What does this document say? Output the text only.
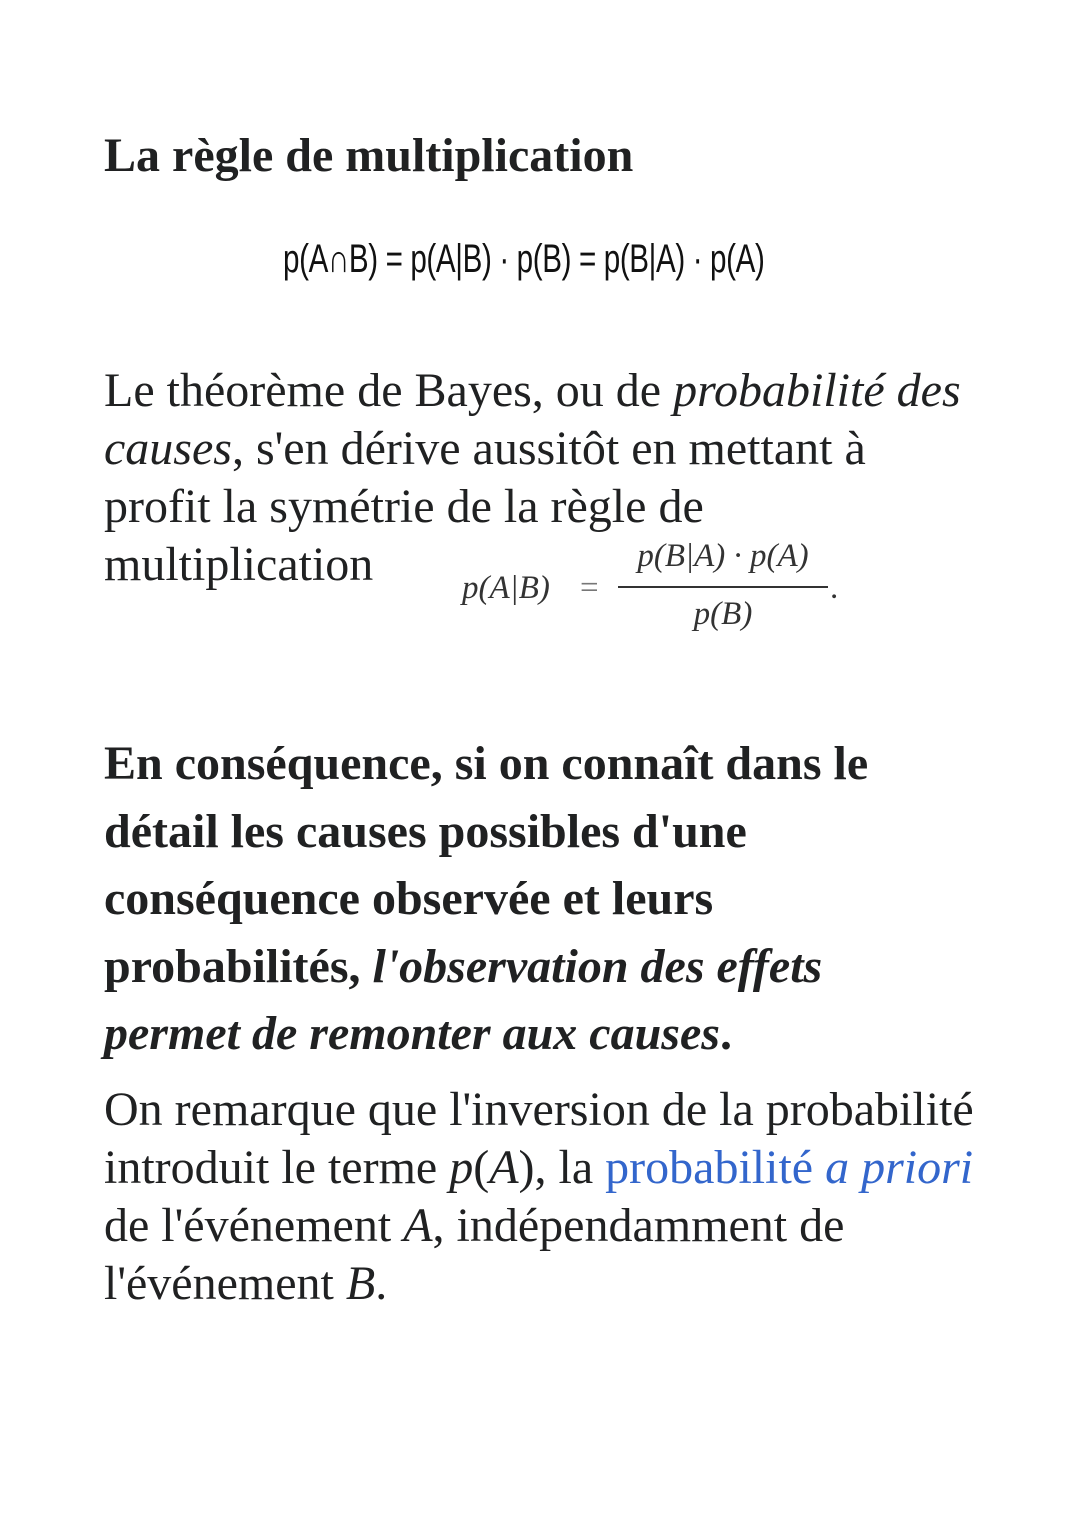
La règle de multiplication
p(A∩B) = p(A|B) · p(B) = p(B|A) · p(A)

Le théorème de Bayes, ou de probabilité des causes, s'en dérive aussitôt en mettant à profit la symétrie de la règle de multiplication	p(A|B) =
p(B|A) · p(A)
p(B)
.

En conséquence, si on connaît dans le détail les causes possibles d'une conséquence observée et leurs probabilités, l'observation des effets permet de remonter aux causes.

On remarque que l'inversion de la probabilité introduit le terme p(A), la probabilité a priori de l'événement A, indépendamment de l'événement B.
